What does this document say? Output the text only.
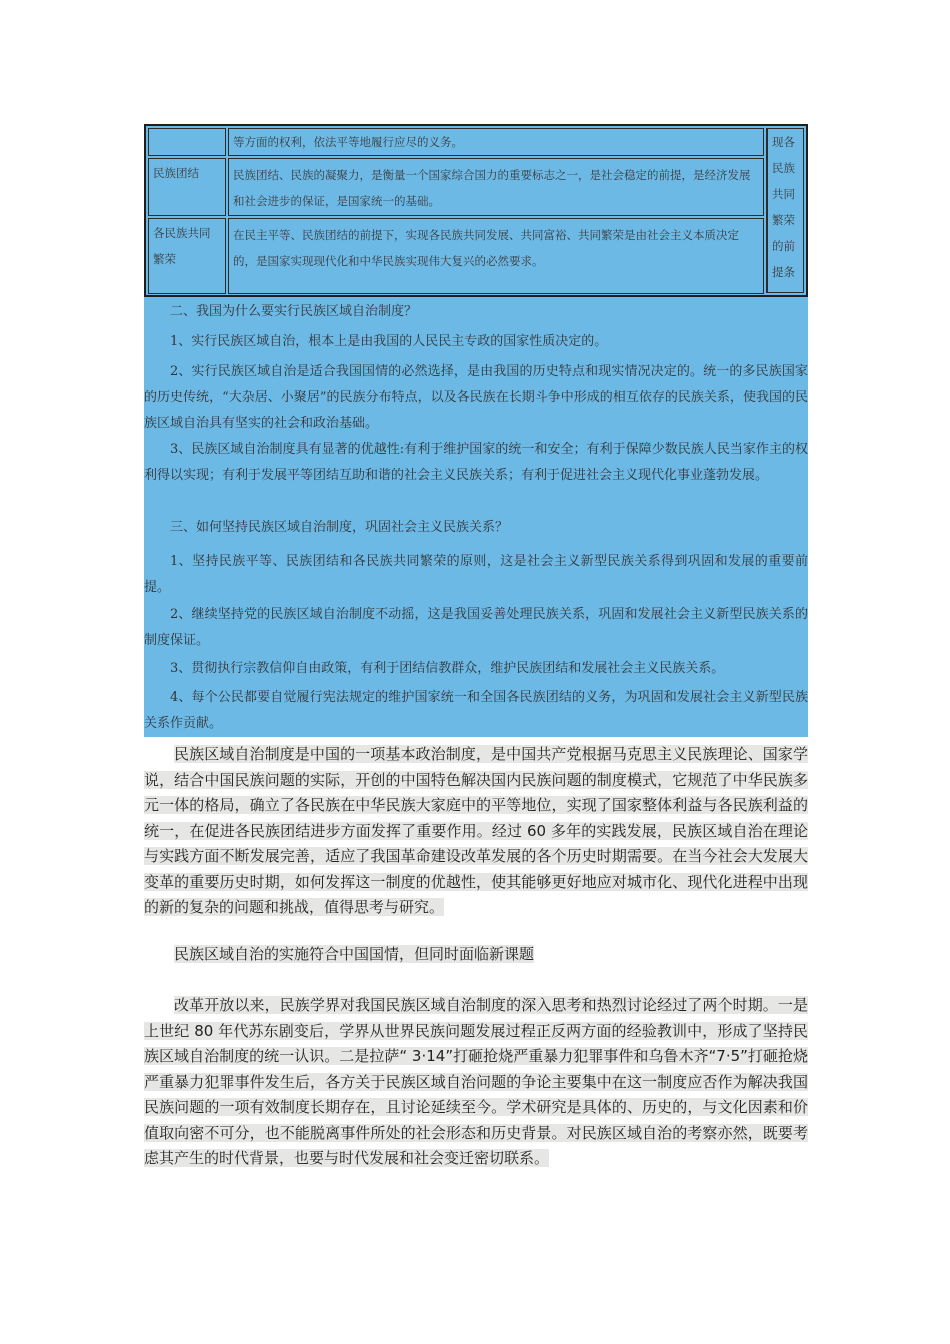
等方面的权利，依法平等地履行应尽的义务。
民族团结	民族团结、民族的凝聚力，是衡量一个国家综合国力的重要标志之一，是社会稳定的前提，是经济发展和社会进步的保证，是国家统一的基础。
各民族共同繁荣
在民主平等、民族团结的前提下，实现各民族共同发展、共同富裕、共同繁荣是由社会主义本质决定的，是国家实现现代化和中华民族实现伟大复兴的必然要求。
现各民族共同繁荣的前提条

二、我国为什么要实行民族区域自治制度？

1、实行民族区域自治，根本上是由我国的人民民主专政的国家性质决定的。

2、实行民族区域自治是适合我国国情的必然选择，是由我国的历史特点和现实情况决定的。统一的多民族国家的历史传统，“大杂居、小聚居”的民族分布特点，以及各民族在长期斗争中形成的相互依存的民族关系，使我国的民族区域自治具有坚实的社会和政治基础。

3、民族区域自治制度具有显著的优越性:有利于维护国家的统一和安全；有利于保障少数民族人民当家作主的权利得以实现；有利于发展平等团结互助和谐的社会主义民族关系；有利于促进社会主义现代化事业蓬勃发展。

三、如何坚持民族区域自治制度，巩固社会主义民族关系？

1、坚持民族平等、民族团结和各民族共同繁荣的原则，这是社会主义新型民族关系得到巩固和发展的重要前提。

2、继续坚持党的民族区域自治制度不动摇，这是我国妥善处理民族关系，巩固和发展社会主义新型民族关系的制度保证。

3、贯彻执行宗教信仰自由政策，有利于团结信教群众，维护民族团结和发展社会主义民族关系。

4、每个公民都要自觉履行宪法规定的维护国家统一和全国各民族团结的义务，为巩固和发展社会主义新型民族关系作贡献。

民族区域自治制度是中国的一项基本政治制度，是中国共产党根据马克思主义民族理论、国家学说，结合中国民族问题的实际，开创的中国特色解决国内民族问题的制度模式，它规范了中华民族多元一体的格局，确立了各民族在中华民族大家庭中的平等地位，实现了国家整体利益与各民族利益的统一，在促进各民族团结进步方面发挥了重要作用。经过 60 多年的实践发展，民族区域自治在理论与实践方面不断发展完善，适应了我国革命建设改革发展的各个历史时期需要。在当今社会大发展大变革的重要历史时期，如何发挥这一制度的优越性，使其能够更好地应对城市化、现代化进程中出现的新的复杂的问题和挑战，值得思考与研究。

民族区域自治的实施符合中国国情，但同时面临新课题

改革开放以来，民族学界对我国民族区域自治制度的深入思考和热烈讨论经过了两个时期。一是上世纪 80 年代苏东剧变后，学界从世界民族问题发展过程正反两方面的经验教训中，形成了坚持民族区域自治制度的统一认识。二是拉萨“ 3·14”打砸抢烧严重暴力犯罪事件和乌鲁木齐“7·5”打砸抢烧严重暴力犯罪事件发生后，各方关于民族区域自治问题的争论主要集中在这一制度应否作为解决我国民族问题的一项有效制度长期存在，且讨论延续至今。学术研究是具体的、历史的，与文化因素和价值取向密不可分，也不能脱离事件所处的社会形态和历史背景。对民族区域自治的考察亦然，既要考虑其产生的时代背景，也要与时代发展和社会变迁密切联系。
